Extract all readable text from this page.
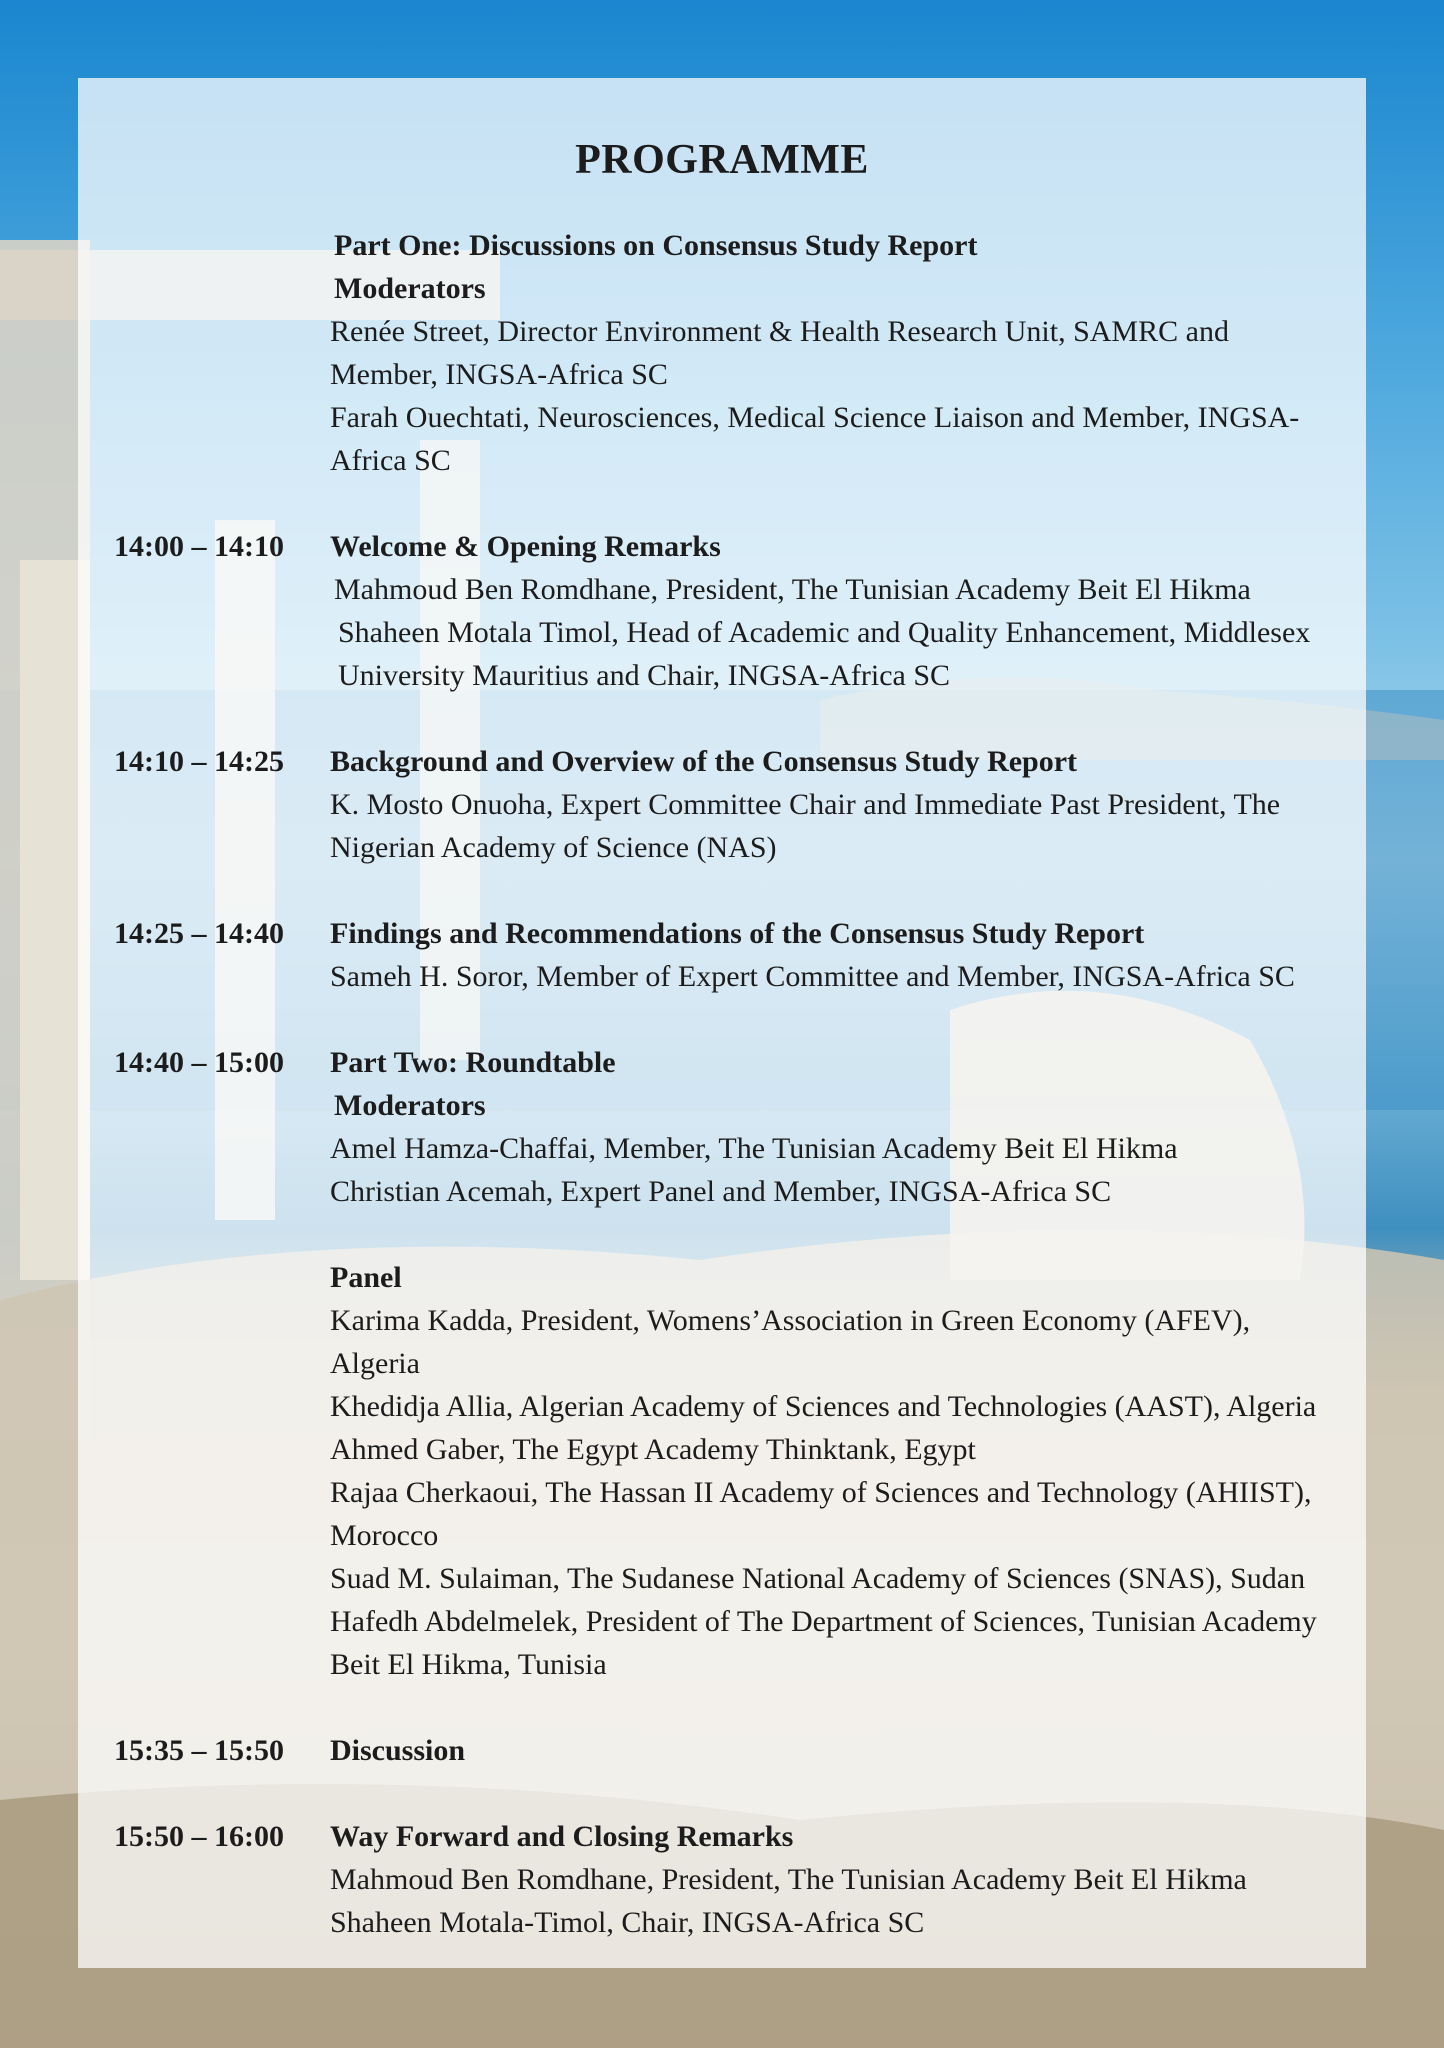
PROGRAMME
Part One: Discussions on Consensus Study Report
Moderators
Renée Street, Director Environment & Health Research Unit, SAMRC and
Member, INGSA-Africa SC
Farah Ouechtati, Neurosciences, Medical Science Liaison and Member, INGSA-
Africa SC
14:00 – 14:10	Welcome & Opening Remarks
Mahmoud Ben Romdhane, President, The Tunisian Academy Beit El Hikma
Shaheen Motala Timol, Head of Academic and Quality Enhancement, Middlesex
University Mauritius and Chair, INGSA-Africa SC
14:10 – 14:25	Background and Overview of the Consensus Study Report
K. Mosto Onuoha, Expert Committee Chair and Immediate Past President, The
Nigerian Academy of Science (NAS)
14:25 – 14:40	Findings and Recommendations of the Consensus Study Report
Sameh H. Soror, Member of Expert Committee and Member, INGSA-Africa SC
14:40 – 15:00	Part Two: Roundtable
Moderators
Amel Hamza-Chaffai, Member, The Tunisian Academy Beit El Hikma
Christian Acemah, Expert Panel and Member, INGSA-Africa SC
Panel
Karima Kadda, President, Womens’Association in Green Economy (AFEV), Algeria
Khedidja Allia, Algerian Academy of Sciences and Technologies (AAST), Algeria
Ahmed Gaber, The Egypt Academy Thinktank, Egypt
Rajaa Cherkaoui, The Hassan II Academy of Sciences and Technology (AHIIST),
Morocco
Suad M. Sulaiman, The Sudanese National Academy of Sciences (SNAS), Sudan
Hafedh Abdelmelek, President of The Department of Sciences, Tunisian Academy
Beit El Hikma, Tunisia
15:35 – 15:50	Discussion
15:50 – 16:00	Way Forward and Closing Remarks
Mahmoud Ben Romdhane, President, The Tunisian Academy Beit El Hikma
Shaheen Motala-Timol, Chair, INGSA-Africa SC
